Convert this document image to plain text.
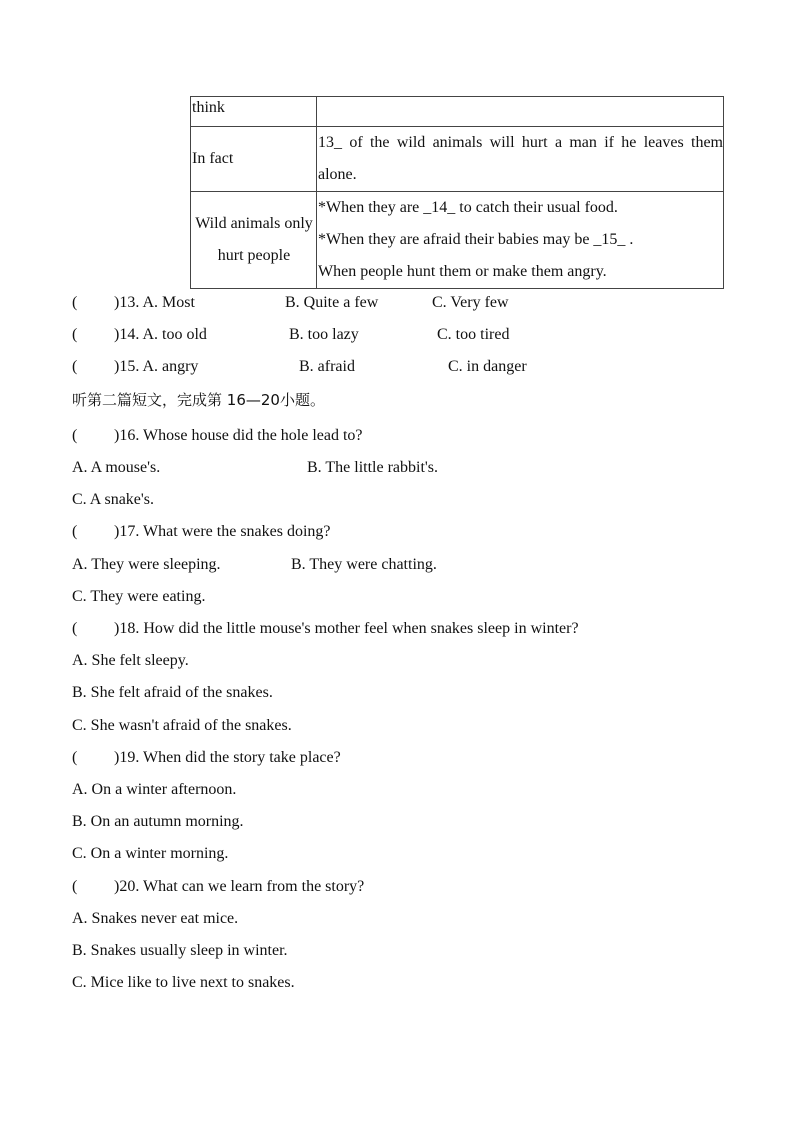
think	
In fact	13_ of the wild animals will hurt a man if he leaves them alone.
Wild animals only hurt people	*When they are _14_ to catch their usual food.
*When they are afraid their babies may be _15_ .
When people hunt them or make them angry.
( )13. A. Most	B. Quite a few	C. Very few
( )14. A. too old	B. too lazy	C. too tired
( )15. A. angry	B. afraid	C. in danger
听第二篇短文，完成第 16—20小题。
( )16. Whose house did the hole lead to?
A. A mouse's.	B. The little rabbit's.
C. A snake's.
( )17. What were the snakes doing?
A. They were sleeping.	B. They were chatting.
C. They were eating.
( )18. How did the little mouse's mother feel when snakes sleep in winter?
A. She felt sleepy.
B. She felt afraid of the snakes.
C. She wasn't afraid of the snakes.
( )19. When did the story take place?
A. On a winter afternoon.
B. On an autumn morning.
C. On a winter morning.
( )20. What can we learn from the story?
A. Snakes never eat mice.
B. Snakes usually sleep in winter.
C. Mice like to live next to snakes.
